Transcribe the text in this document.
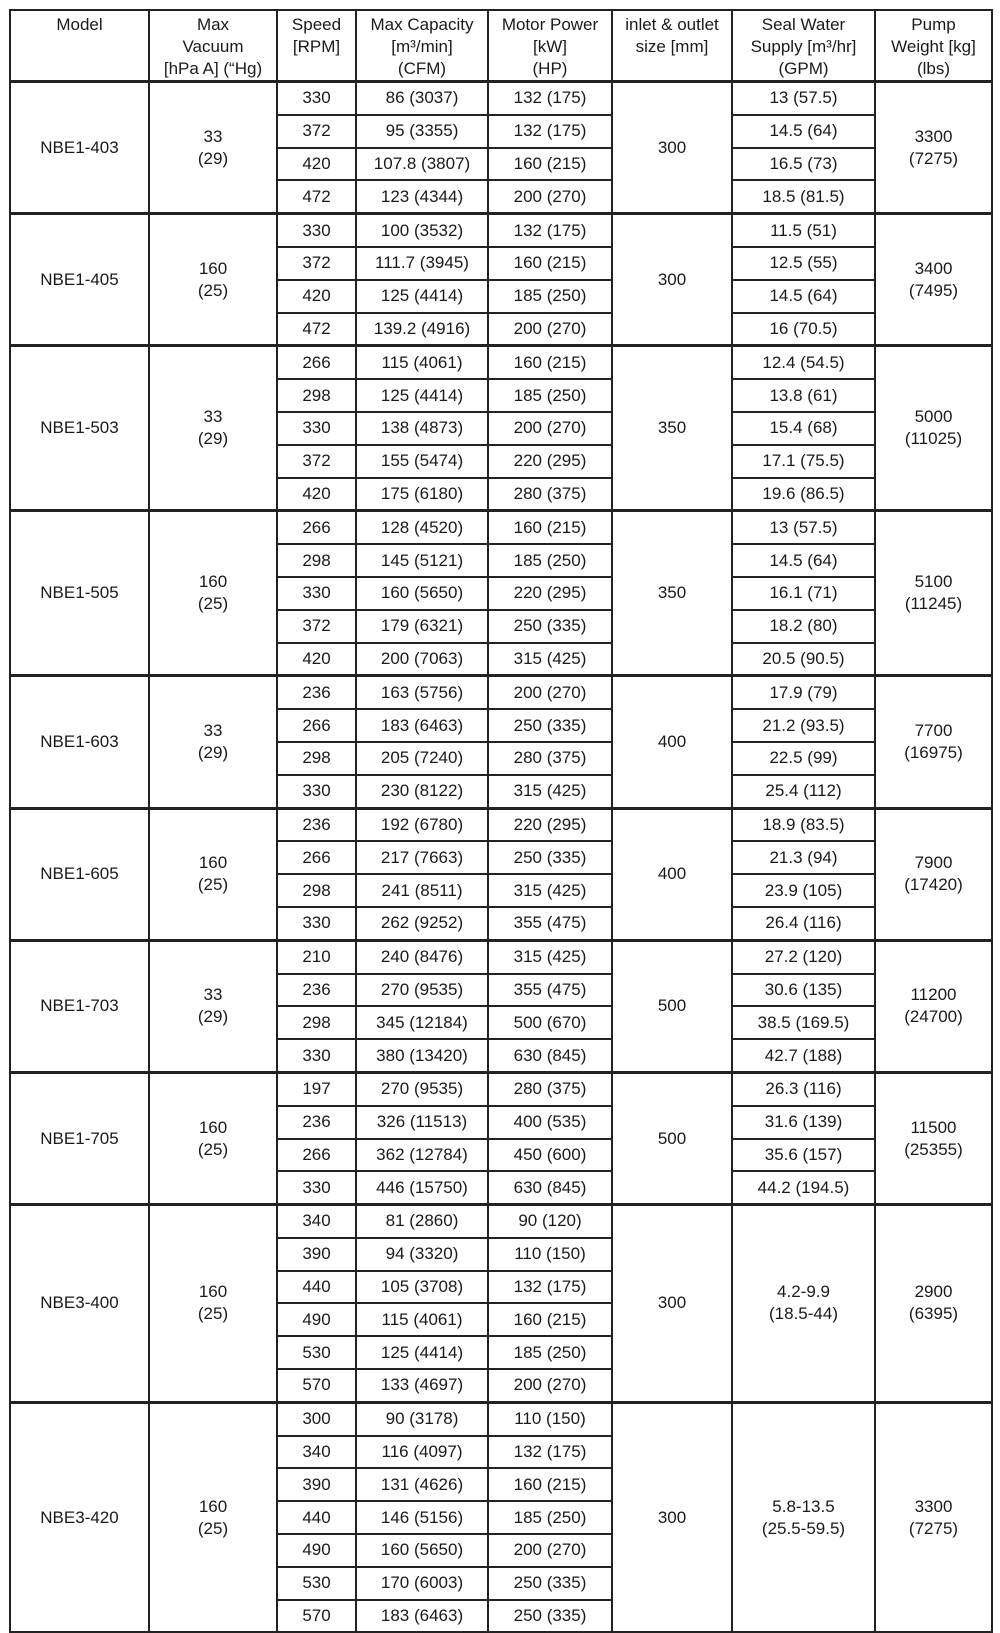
Model	Max
Vacuum
[hPa A] (“Hg)	Speed
[RPM]	Max Capacity
[m³/min]
(CFM)	Motor Power
[kW]
(HP)	inlet & outlet
size [mm]	Seal Water
Supply [m³/hr]
(GPM)	Pump
Weight [kg]
(lbs)

NBE1-403	33
(29)	330	86 (3037)	132 (175)	300	13 (57.5)	3300
(7275)

		372	95 (3355)	132 (175)		14.5 (64)	

		420	107.8 (3807)	160 (215)		16.5 (73)	

		472	123 (4344)	200 (270)		18.5 (81.5)	

NBE1-405	160
(25)	330	100 (3532)	132 (175)	300	11.5 (51)	3400
(7495)

		372	111.7 (3945)	160 (215)		12.5 (55)	

		420	125 (4414)	185 (250)		14.5 (64)	

		472	139.2 (4916)	200 (270)		16 (70.5)	

NBE1-503	33
(29)	266	115 (4061)	160 (215)	350	12.4 (54.5)	5000
(11025)

		298	125 (4414)	185 (250)		13.8 (61)	

		330	138 (4873)	200 (270)		15.4 (68)	

		372	155 (5474)	220 (295)		17.1 (75.5)	

		420	175 (6180)	280 (375)		19.6 (86.5)	

NBE1-505	160
(25)	266	128 (4520)	160 (215)	350	13 (57.5)	5100
(11245)

		298	145 (5121)	185 (250)		14.5 (64)	

		330	160 (5650)	220 (295)		16.1 (71)	

		372	179 (6321)	250 (335)		18.2 (80)	

		420	200 (7063)	315 (425)		20.5 (90.5)	

NBE1-603	33
(29)	236	163 (5756)	200 (270)	400	17.9 (79)	7700
(16975)

		266	183 (6463)	250 (335)		21.2 (93.5)	

		298	205 (7240)	280 (375)		22.5 (99)	

		330	230 (8122)	315 (425)		25.4 (112)	

NBE1-605	160
(25)	236	192 (6780)	220 (295)	400	18.9 (83.5)	7900
(17420)

		266	217 (7663)	250 (335)		21.3 (94)	

		298	241 (8511)	315 (425)		23.9 (105)	

		330	262 (9252)	355 (475)		26.4 (116)	

NBE1-703	33
(29)	210	240 (8476)	315 (425)	500	27.2 (120)	11200
(24700)

		236	270 (9535)	355 (475)		30.6 (135)	

		298	345 (12184)	500 (670)		38.5 (169.5)	

		330	380 (13420)	630 (845)		42.7 (188)	

NBE1-705	160
(25)	197	270 (9535)	280 (375)	500	26.3 (116)	11500
(25355)

		236	326 (11513)	400 (535)		31.6 (139)	

		266	362 (12784)	450 (600)		35.6 (157)	

		330	446 (15750)	630 (845)		44.2 (194.5)	

NBE3-400	160
(25)	340	81 (2860)	90 (120)	300	4.2-9.9
(18.5-44)	2900
(6395)

		390	94 (3320)	110 (150)			

		440	105 (3708)	132 (175)			

		490	115 (4061)	160 (215)			

		530	125 (4414)	185 (250)			

		570	133 (4697)	200 (270)			

NBE3-420	160
(25)	300	90 (3178)	110 (150)	300	5.8-13.5
(25.5-59.5)	3300
(7275)

		340	116 (4097)	132 (175)			

		390	131 (4626)	160 (215)			

		440	146 (5156)	185 (250)			

		490	160 (5650)	200 (270)			

		530	170 (6003)	250 (335)			

		570	183 (6463)	250 (335)			
